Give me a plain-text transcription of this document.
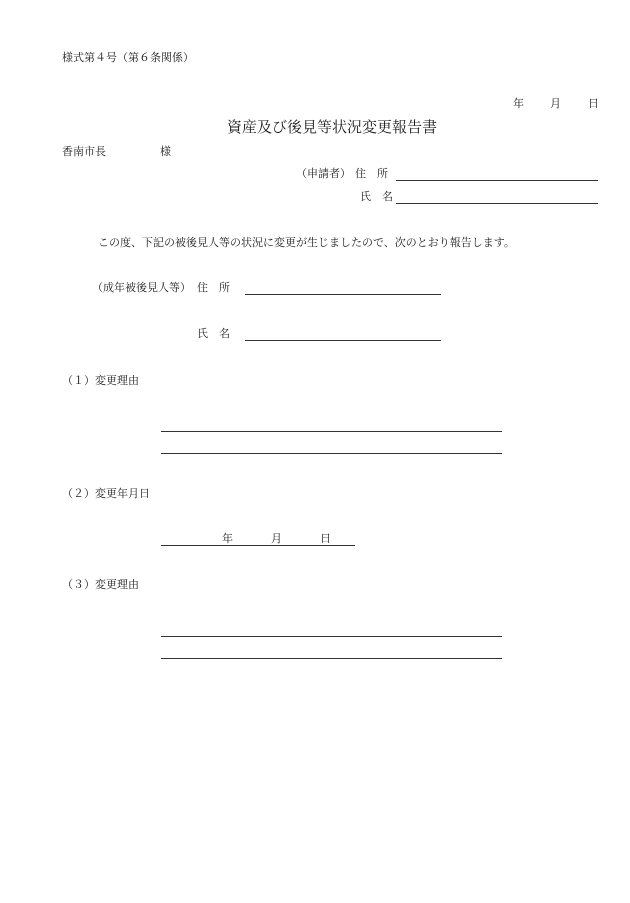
様式第４号（第６条関係）
年 月 日
資産及び後見等状況変更報告書
香南市長	様
（申請者） 住　所
氏　名
この度、下記の被後見人等の状況に変更が生じましたので、次のとおり報告します。
（成年被後見人等） 住　所
氏　名
（１）変更理由
（２）変更年月日
年	月	日
（３）変更理由
